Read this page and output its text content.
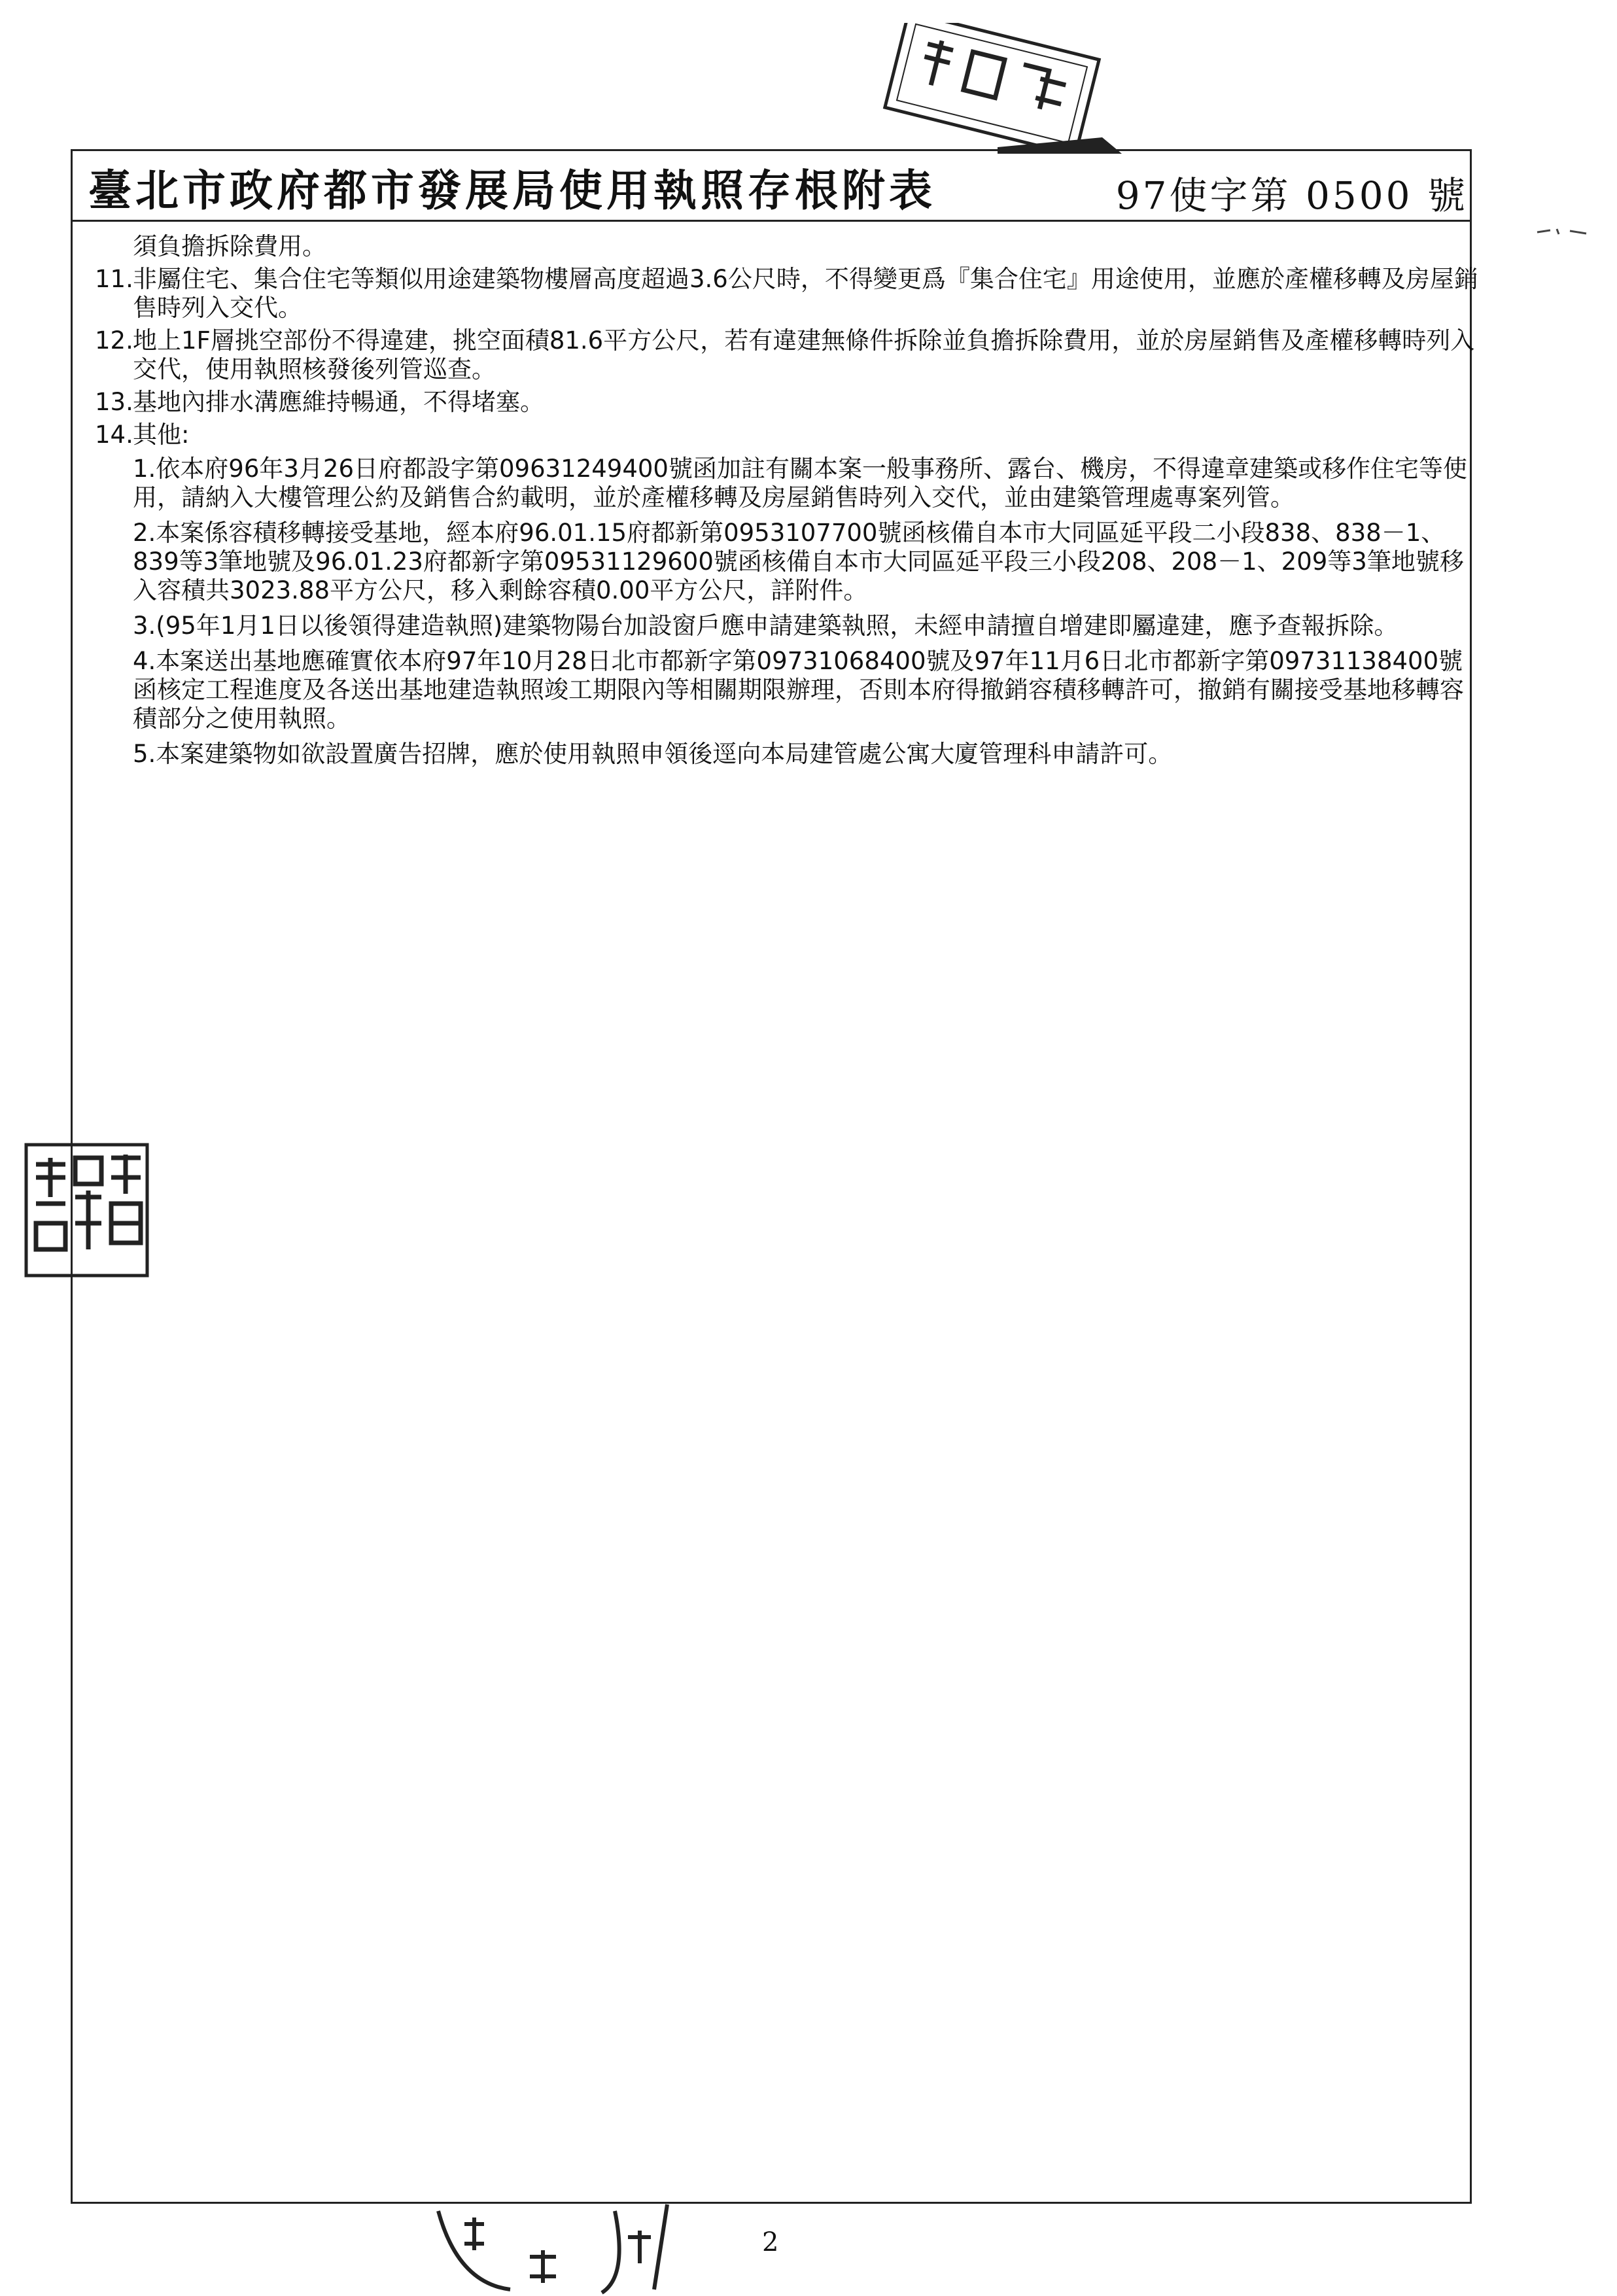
臺北市政府都市發展局使用執照存根附表	97使字第 0500 號
須負擔拆除費用。
11. 非屬住宅、集合住宅等類似用途建築物樓層高度超過3.6公尺時，不得變更爲『集合住宅』用途使用，並應於產權移轉及房屋銷售時列入交代。
12. 地上1F層挑空部份不得違建，挑空面積81.6平方公尺，若有違建無條件拆除並負擔拆除費用，並於房屋銷售及產權移轉時列入交代，使用執照核發後列管巡查。
13. 基地內排水溝應維持暢通，不得堵塞。
14. 其他:
1.依本府96年3月26日府都設字第09631249400號函加註有關本案一般事務所、露台、機房，不得違章建築或移作住宅等使用，請納入大樓管理公約及銷售合約載明，並於產權移轉及房屋銷售時列入交代，並由建築管理處專案列管。
2.本案係容積移轉接受基地，經本府96.01.15府都新第0953107700號函核備自本市大同區延平段二小段838、838－1、839等3筆地號及96.01.23府都新字第09531129600號函核備自本市大同區延平段三小段208、208－1、209等3筆地號移入容積共3023.88平方公尺，移入剩餘容積0.00平方公尺，詳附件。
3.(95年1月1日以後領得建造執照)建築物陽台加設窗戶應申請建築執照，未經申請擅自增建即屬違建，應予查報拆除。
4.本案送出基地應確實依本府97年10月28日北市都新字第09731068400號及97年11月6日北市都新字第09731138400號函核定工程進度及各送出基地建造執照竣工期限內等相關期限辦理，否則本府得撤銷容積移轉許可，撤銷有關接受基地移轉容積部分之使用執照。
5.本案建築物如欲設置廣告招牌，應於使用執照申領後逕向本局建管處公寓大廈管理科申請許可。
2
